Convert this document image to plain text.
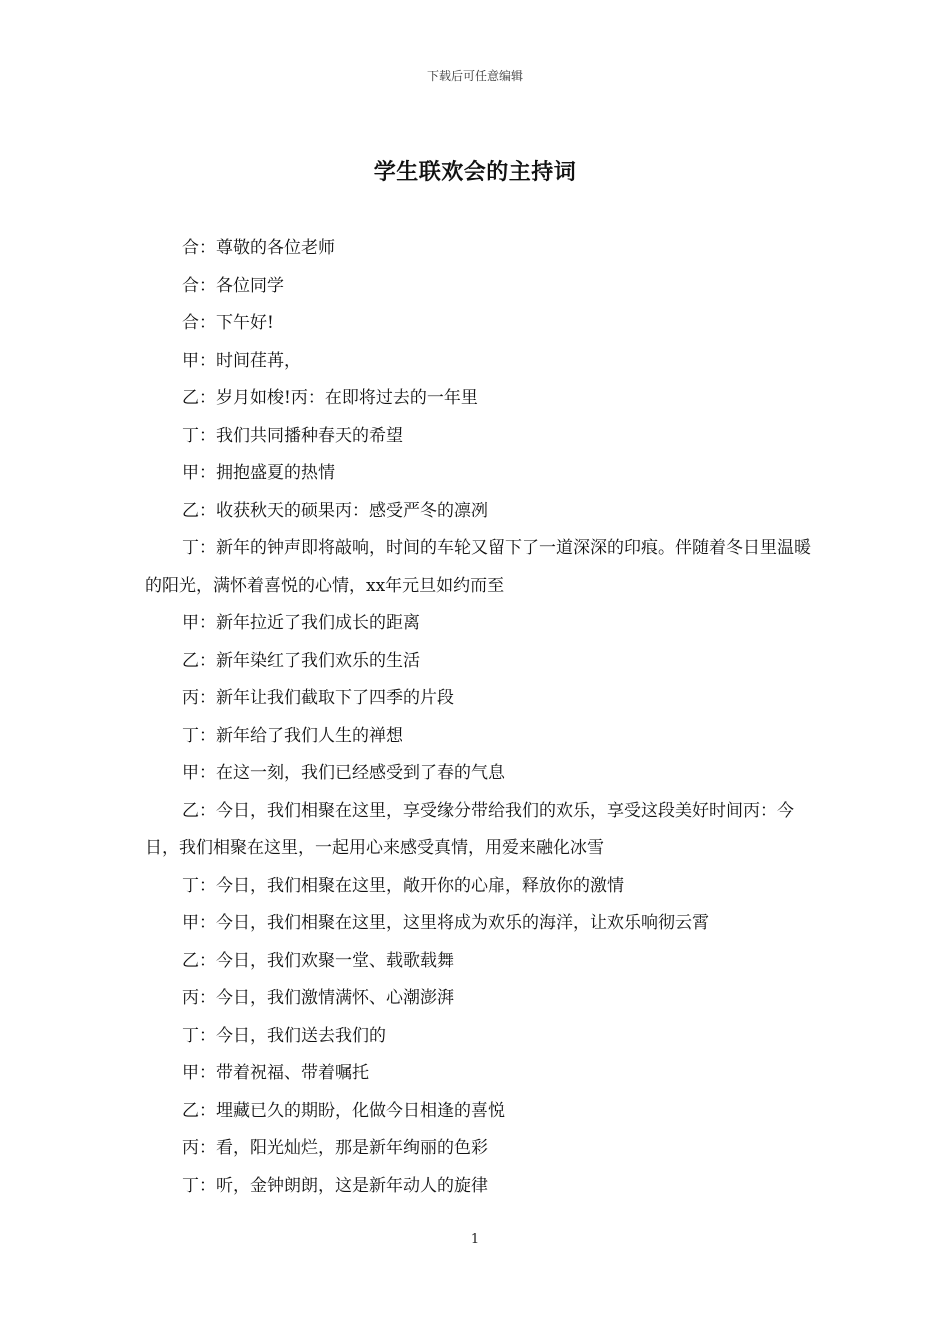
下载后可任意编辑
学生联欢会的主持词

合：尊敬的各位老师

合：各位同学

合：下午好!

甲：时间荏苒，

乙：岁月如梭!丙：在即将过去的一年里

丁：我们共同播种春天的希望

甲：拥抱盛夏的热情

乙：收获秋天的硕果丙：感受严冬的凛冽

丁：新年的钟声即将敲响，时间的车轮又留下了一道深深的印痕。伴随着冬日里温暖的阳光，满怀着喜悦的心情，xx年元旦如约而至

甲：新年拉近了我们成长的距离

乙：新年染红了我们欢乐的生活

丙：新年让我们截取下了四季的片段

丁：新年给了我们人生的禅想

甲：在这一刻，我们已经感受到了春的气息

乙：今日，我们相聚在这里，享受缘分带给我们的欢乐，享受这段美好时间丙：今日，我们相聚在这里，一起用心来感受真情，用爱来融化冰雪

丁：今日，我们相聚在这里，敞开你的心扉，释放你的激情

甲：今日，我们相聚在这里，这里将成为欢乐的海洋，让欢乐响彻云霄

乙：今日，我们欢聚一堂、载歌载舞

丙：今日，我们激情满怀、心潮澎湃

丁：今日，我们送去我们的

甲：带着祝福、带着嘱托

乙：埋藏已久的期盼，化做今日相逢的喜悦

丙：看，阳光灿烂，那是新年绚丽的色彩

丁：听，金钟朗朗，这是新年动人的旋律

1
